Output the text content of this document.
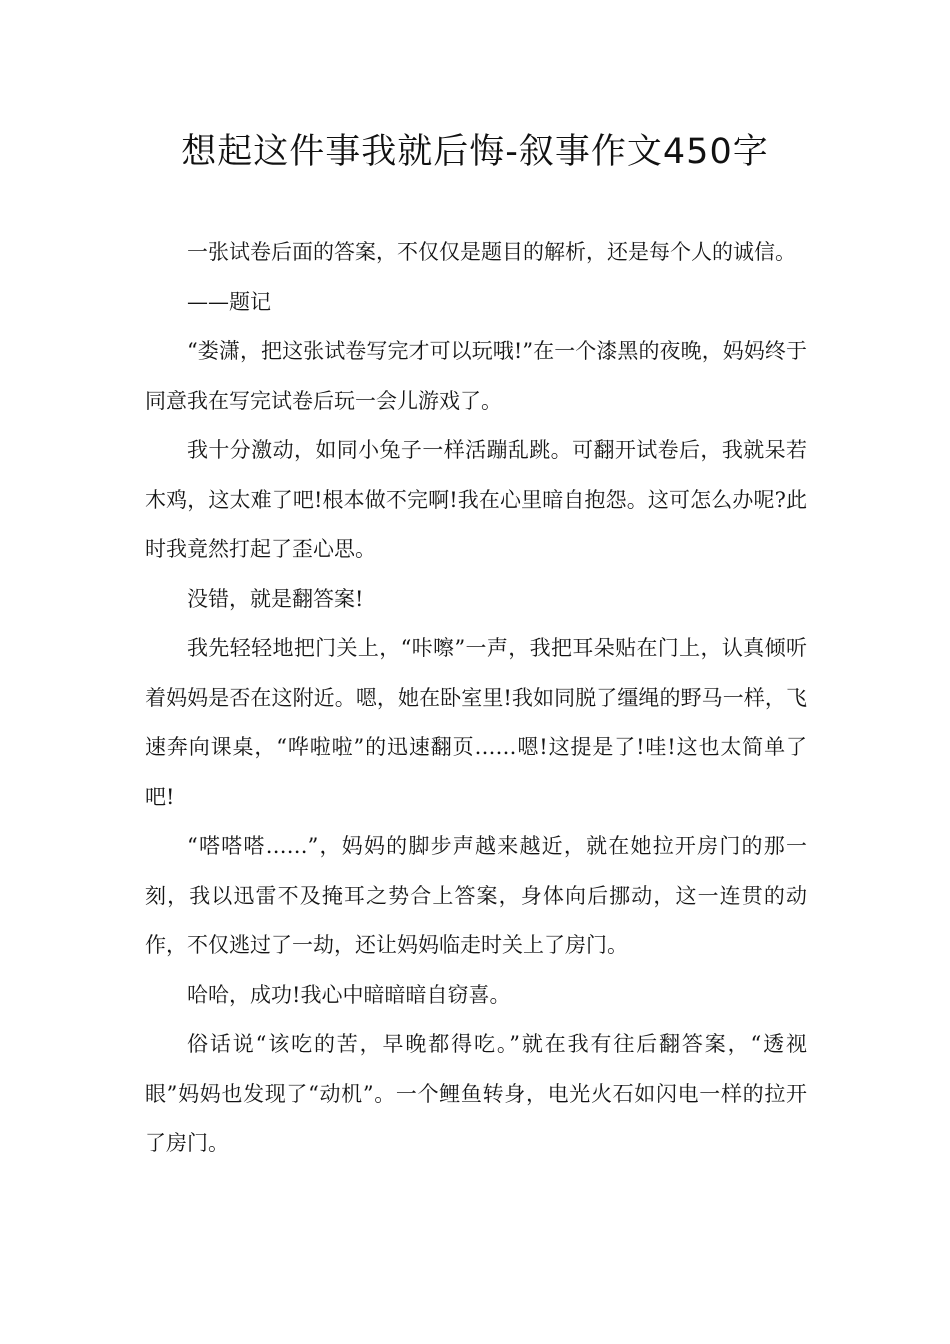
想起这件事我就后悔-叙事作文450字

一张试卷后面的答案，不仅仅是题目的解析，还是每个人的诚信。

——题记

“娄潇，把这张试卷写完才可以玩哦!”在一个漆黑的夜晚，妈妈终于同意我在写完试卷后玩一会儿游戏了。

我十分激动，如同小兔子一样活蹦乱跳。可翻开试卷后，我就呆若木鸡，这太难了吧!根本做不完啊!我在心里暗自抱怨。这可怎么办呢?此时我竟然打起了歪心思。

没错，就是翻答案!

我先轻轻地把门关上，“咔嚓”一声，我把耳朵贴在门上，认真倾听着妈妈是否在这附近。嗯，她在卧室里!我如同脱了缰绳的野马一样，飞速奔向课桌，“哗啦啦”的迅速翻页……嗯!这提是了!哇!这也太简单了吧!

“嗒嗒嗒……”，妈妈的脚步声越来越近，就在她拉开房门的那一刻，我以迅雷不及掩耳之势合上答案，身体向后挪动，这一连贯的动作，不仅逃过了一劫，还让妈妈临走时关上了房门。

哈哈，成功!我心中暗暗暗自窃喜。

俗话说“该吃的苦，早晚都得吃。”就在我有往后翻答案，“透视眼”妈妈也发现了“动机”。一个鲤鱼转身，电光火石如闪电一样的拉开了房门。
